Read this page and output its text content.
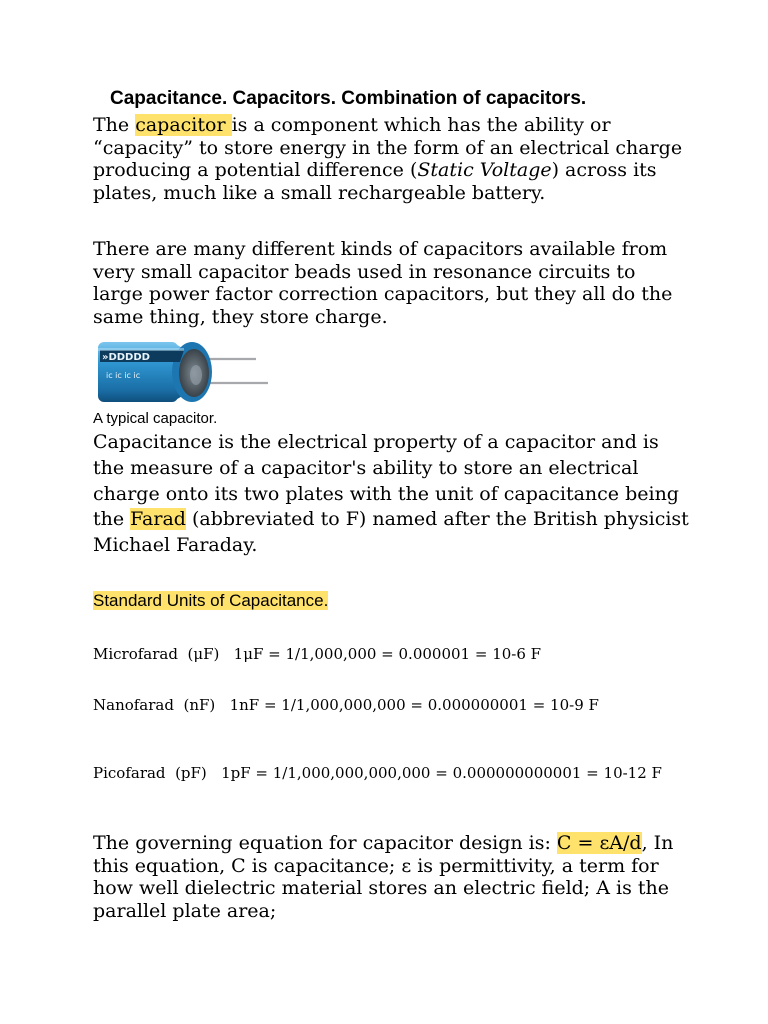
Capacitance. Capacitors. Combination of capacitors.

The capacitor is a component which has the ability or “capacity” to store energy in the form of an electrical charge producing a potential difference (Static Voltage) across its plates, much like a small rechargeable battery.

There are many different kinds of capacitors available from very small capacitor beads used in resonance circuits to large power factor correction capacitors, but they all do the same thing, they store charge.

»DDDDD
ic ic ic ic
A typical capacitor.

Capacitance is the electrical property of a capacitor and is the measure of a capacitor's ability to store an electrical charge onto its two plates with the unit of capacitance being the Farad (abbreviated to F) named after the British physicist Michael Faraday.

Standard Units of Capacitance.

Microfarad  (μF)   1μF = 1/1,000,000 = 0.000001 = 10-6 F

Nanofarad  (nF)   1nF = 1/1,000,000,000 = 0.000000001 = 10-9 F

Picofarad  (pF)   1pF = 1/1,000,000,000,000 = 0.000000000001 = 10-12 F

The governing equation for capacitor design is: C = εA/d, In this equation, C is capacitance; ε is permittivity, a term for how well dielectric material stores an electric field; A is the parallel plate area;
